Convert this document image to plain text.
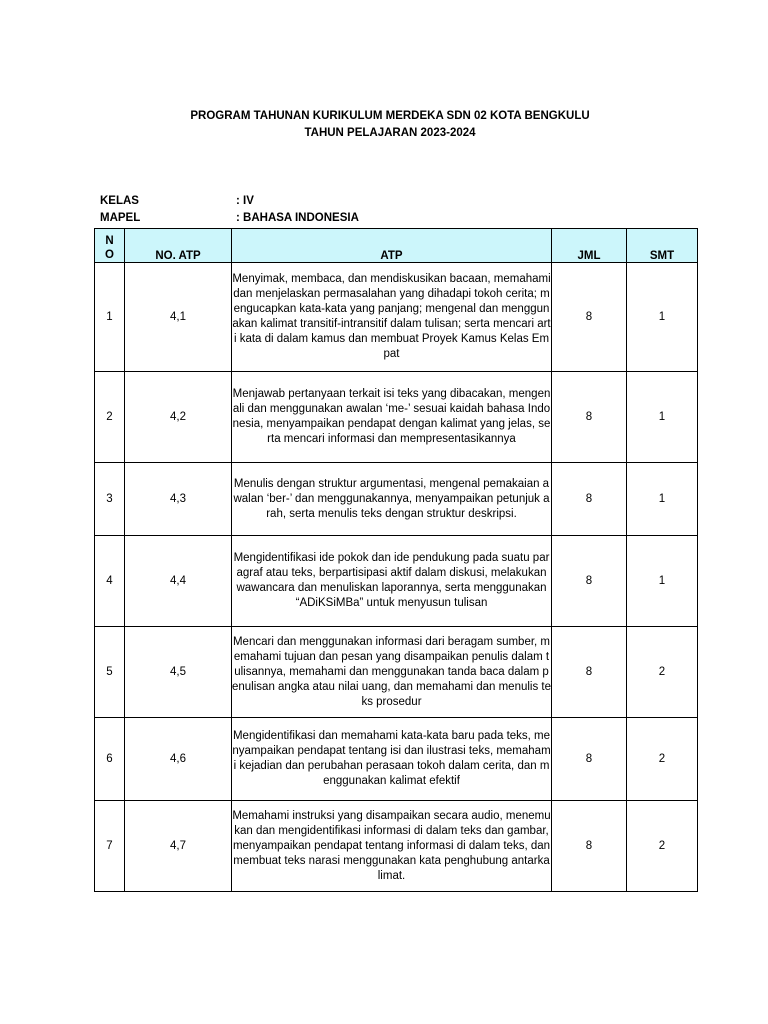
PROGRAM TAHUNAN KURIKULUM MERDEKA SDN 02 KOTA BENGKULU
TAHUN PELAJARAN 2023-2024
KELAS	: IV
MAPEL	: BAHASA INDONESIA
N
O	NO. ATP	ATP	JML	SMT
1	4,1	Menyimak, membaca, dan mendiskusikan bacaan, memahami dan menjelaskan permasalahan yang dihadapi tokoh cerita; mengucapkan kata-kata yang panjang; mengenal dan menggunakan kalimat transitif-intransitif dalam tulisan; serta mencari arti kata di dalam kamus dan membuat Proyek Kamus Kelas Empat	8	1
2	4,2	Menjawab pertanyaan terkait isi teks yang dibacakan, mengenali dan menggunakan awalan ‘me-’ sesuai kaidah bahasa Indonesia, menyampaikan pendapat dengan kalimat yang jelas, serta mencari informasi dan mempresentasikannya	8	1
3	4,3	Menulis dengan struktur argumentasi, mengenal pemakaian awalan ‘ber-’ dan menggunakannya, menyampaikan petunjuk arah, serta menulis teks dengan struktur deskripsi.	8	1
4	4,4	Mengidentifikasi ide pokok dan ide pendukung pada suatu paragraf atau teks, berpartisipasi aktif dalam diskusi, melakukan wawancara dan menuliskan laporannya, serta menggunakan “ADiKSiMBa” untuk menyusun tulisan	8	1
5	4,5	Mencari dan menggunakan informasi dari beragam sumber, memahami tujuan dan pesan yang disampaikan penulis dalam tulisannya, memahami dan menggunakan tanda baca dalam penulisan angka atau nilai uang, dan memahami dan menulis teks prosedur	8	2
6	4,6	Mengidentifikasi dan memahami kata-kata baru pada teks, menyampaikan pendapat tentang isi dan ilustrasi teks, memahami kejadian dan perubahan perasaan tokoh dalam cerita, dan menggunakan kalimat efektif	8	2
7	4,7	Memahami instruksi yang disampaikan secara audio, menemukan dan mengidentifikasi informasi di dalam teks dan gambar, menyampaikan pendapat tentang informasi di dalam teks, dan membuat teks narasi menggunakan kata penghubung antarkalimat.	8	2
